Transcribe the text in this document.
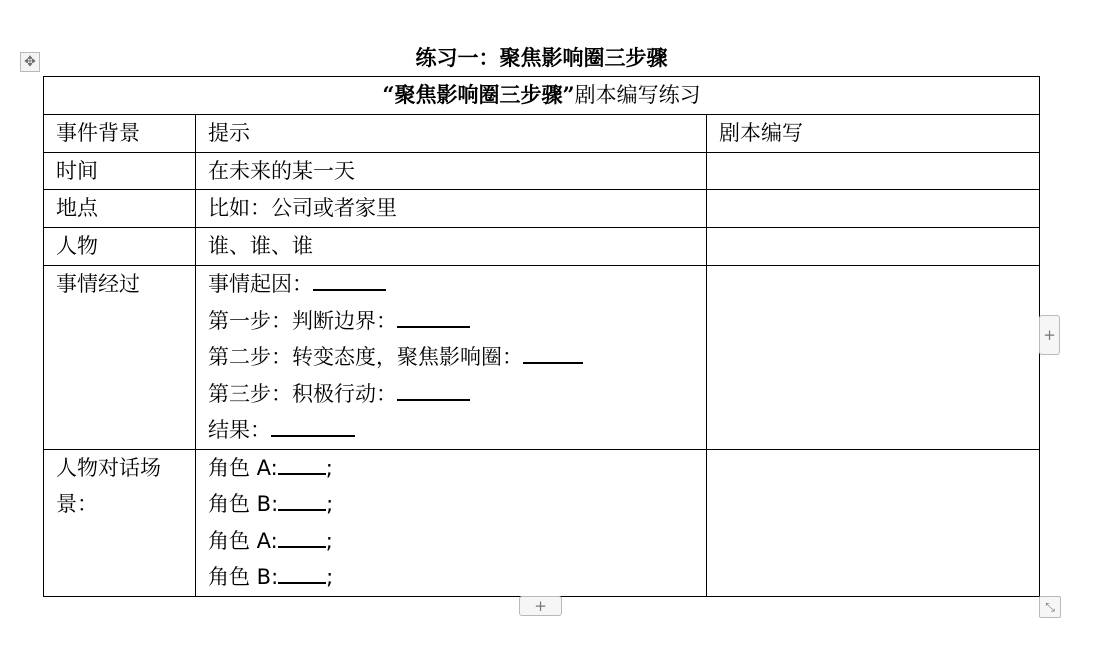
练习一：聚焦影响圈三步骤
✥
“聚焦影响圈三步骤”剧本编写练习		
事件背景	提示	剧本编写
时间	在未来的某一天	
地点	比如：公司或者家里	
人物	谁、谁、谁	
事情经过	事情起因：
第一步：判断边界：
第二步：转变态度，聚焦影响圈：
第三步：积极行动：
结果：	

人物对话场景：	角色 A: ;
角色 B: ;
角色 A: ;
角色 B: ;	

+
+	⤡
